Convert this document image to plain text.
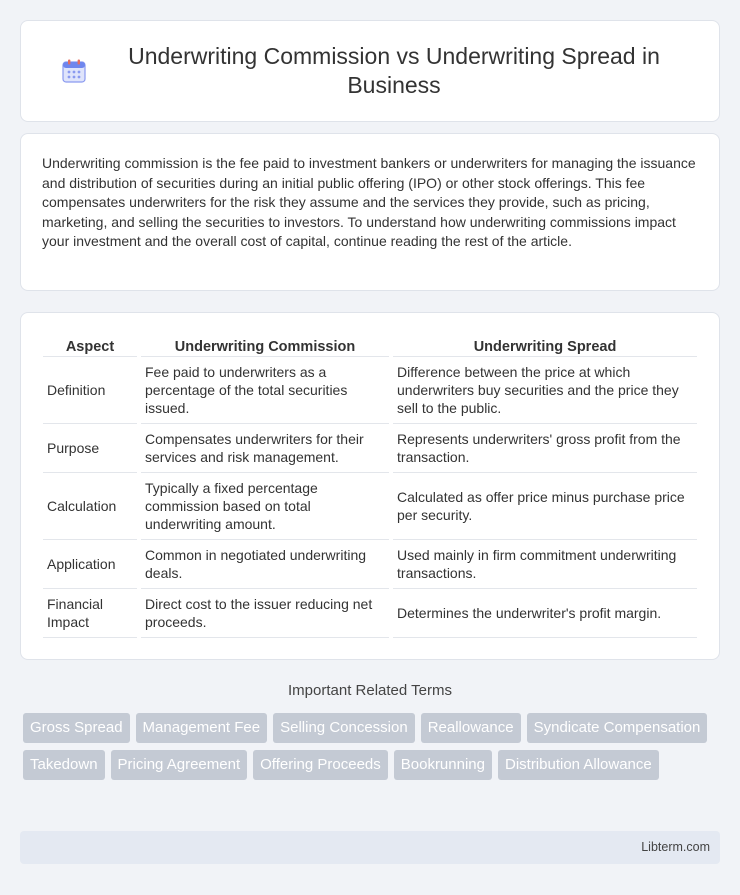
Underwriting Commission vs Underwriting Spread in Business

Underwriting commission is the fee paid to investment bankers or underwriters for managing the issuance and distribution of securities during an initial public offering (IPO) or other stock offerings. This fee compensates underwriters for the risk they assume and the services they provide, such as pricing, marketing, and selling the securities to investors. To understand how underwriting commissions impact your investment and the overall cost of capital, continue reading the rest of the article.

Aspect	Underwriting Commission	Underwriting Spread
Definition	Fee paid to underwriters as a percentage of the total securities issued.	Difference between the price at which underwriters buy securities and the price they sell to the public.
Purpose	Compensates underwriters for their services and risk management.	Represents underwriters' gross profit from the transaction.
Calculation	Typically a fixed percentage commission based on total underwriting amount.	Calculated as offer price minus purchase price per security.
Application	Common in negotiated underwriting deals.	Used mainly in firm commitment underwriting transactions.
Financial Impact	Direct cost to the issuer reducing net proceeds.	Determines the underwriter's profit margin.
Important Related Terms
Gross Spread	Management Fee	Selling Concession	Reallowance	Syndicate Compensation
Takedown	Pricing Agreement	Offering Proceeds	Bookrunning	Distribution Allowance
Libterm.com
